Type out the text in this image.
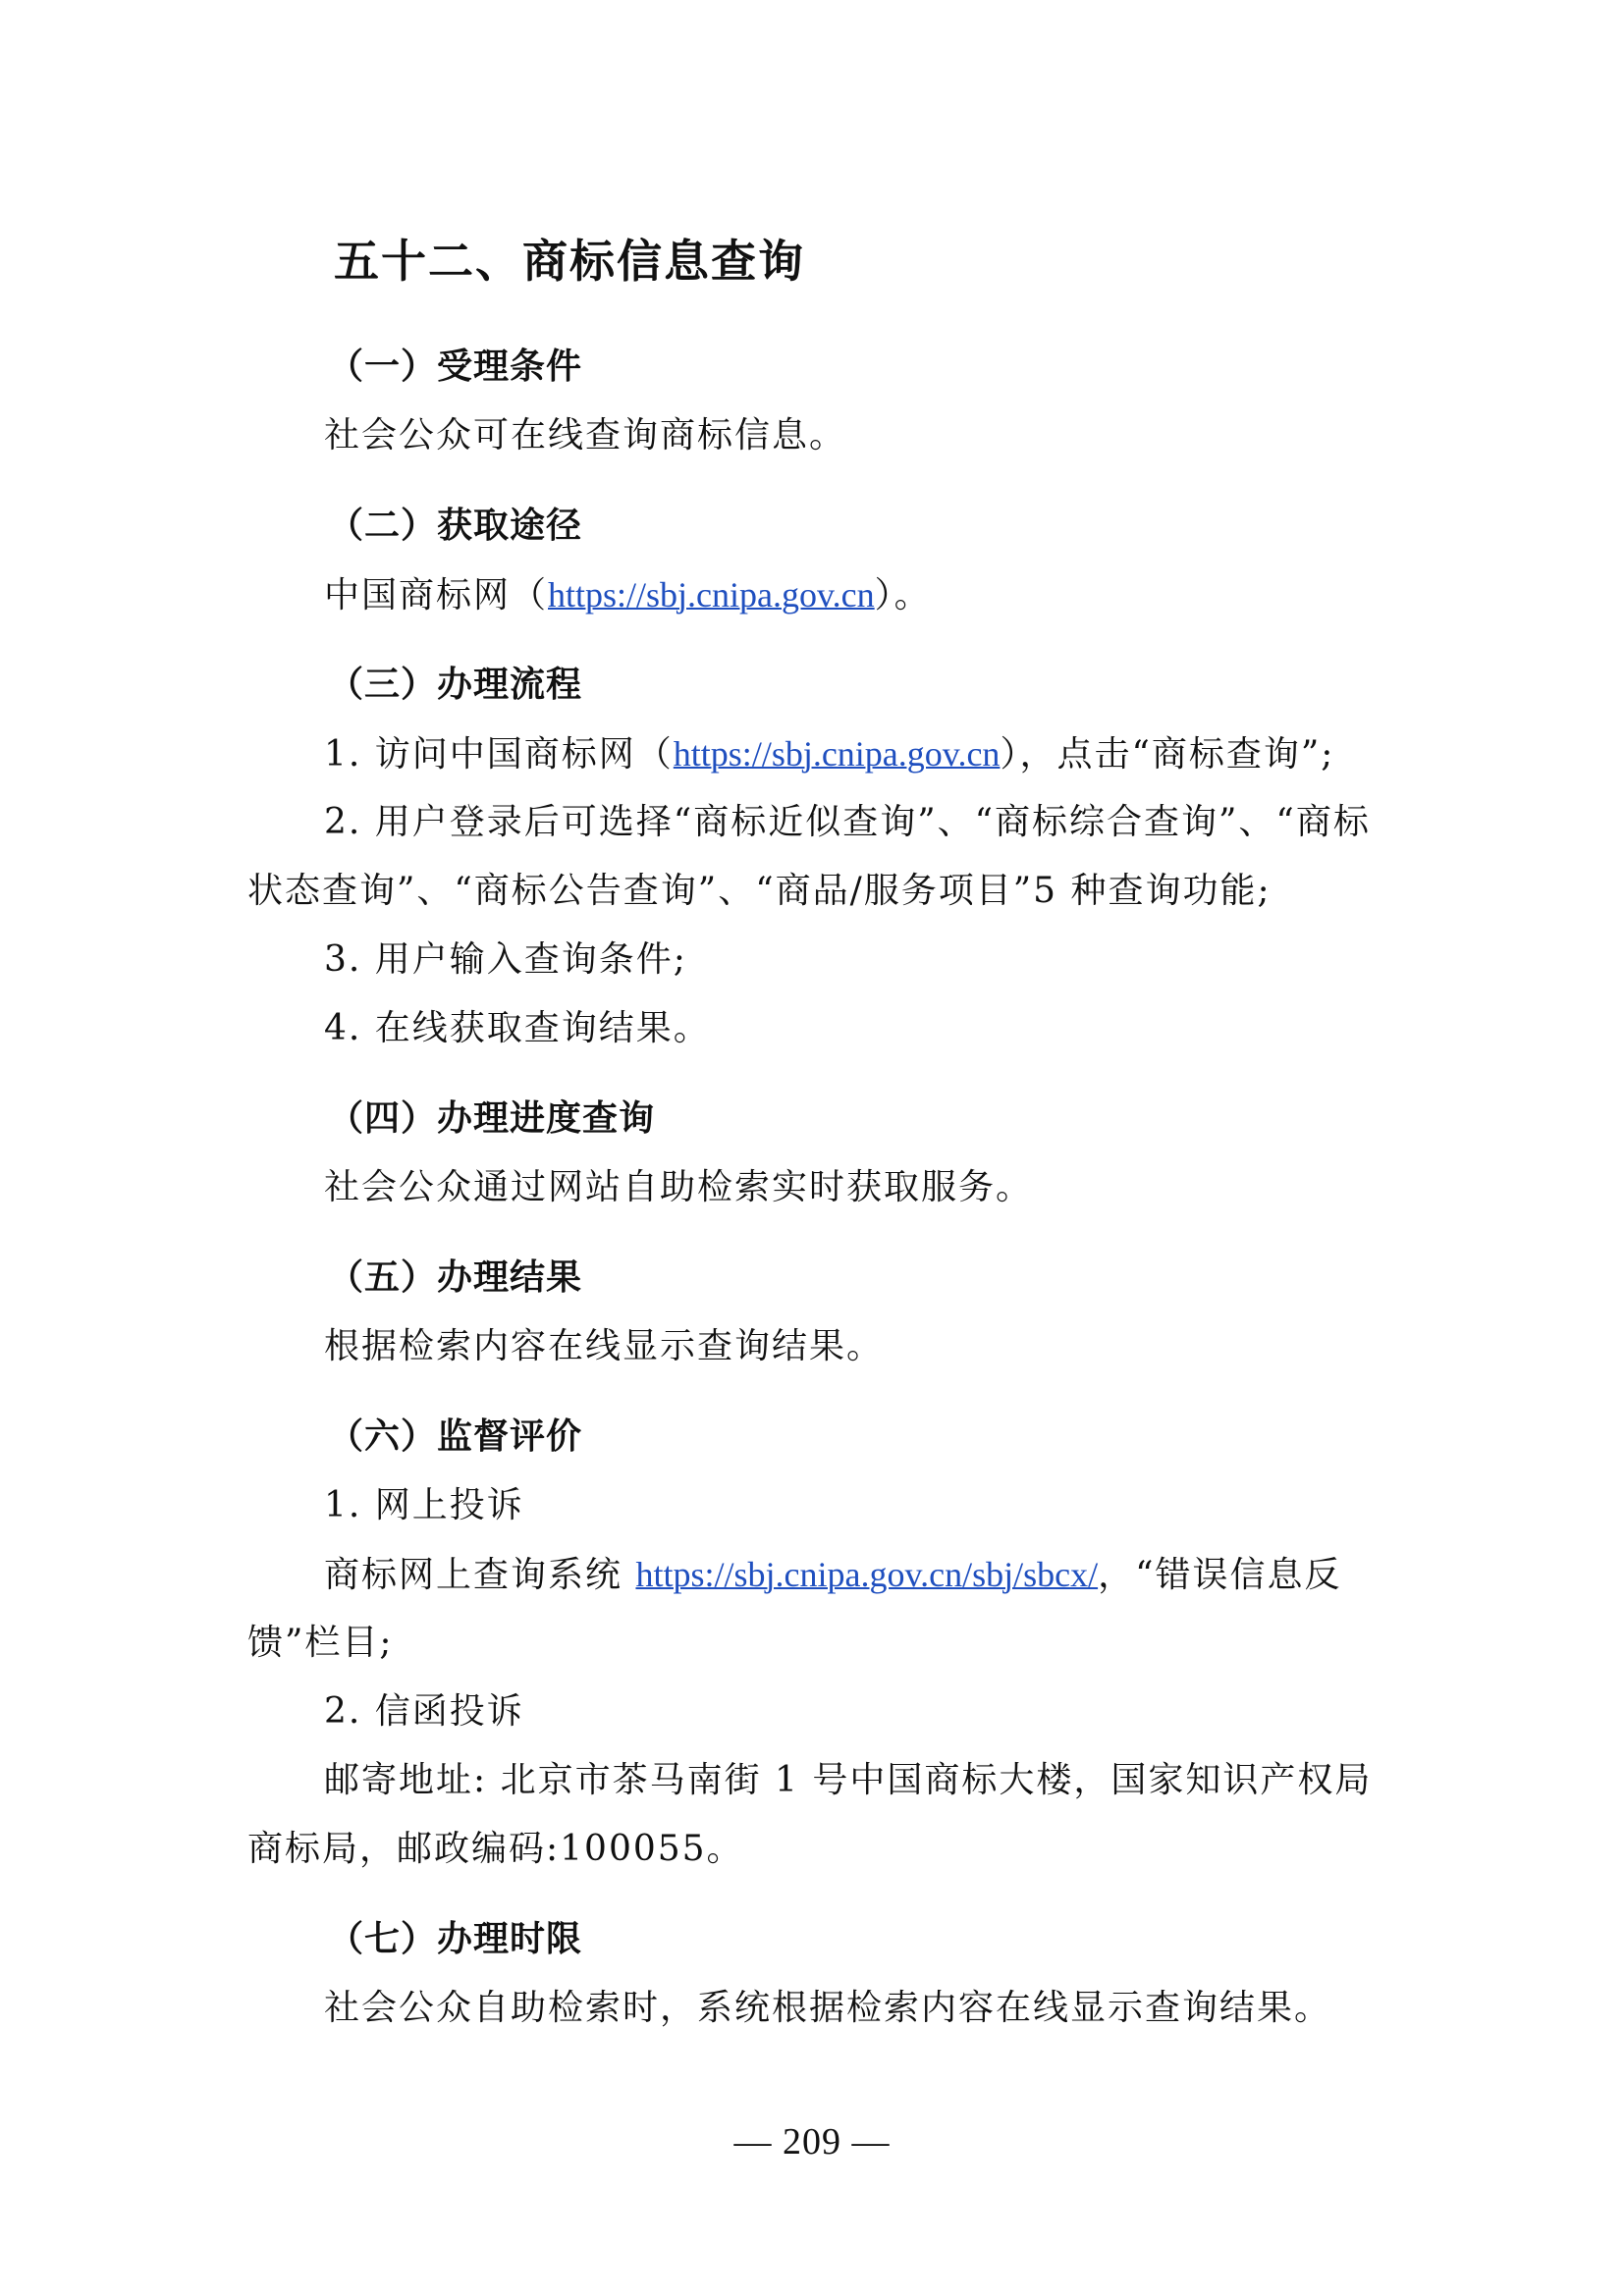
五十二、商标信息查询
（一）受理条件
社会公众可在线查询商标信息。
（二）获取途径
中国商标网（https://sbj.cnipa.gov.cn）。
（三）办理流程
1. 访问中国商标网（https://sbj.cnipa.gov.cn），点击“商标查询”;
2. 用户登录后可选择“商标近似查询”、“商标综合查询”、“商标
状态查询”、“商标公告查询”、“商品/服务项目”5 种查询功能;
3. 用户输入查询条件;
4. 在线获取查询结果。
（四）办理进度查询
社会公众通过网站自助检索实时获取服务。
（五）办理结果
根据检索内容在线显示查询结果。
（六）监督评价
1. 网上投诉
商标网上查询系统 https://sbj.cnipa.gov.cn/sbj/sbcx/，“错误信息反
馈”栏目;
2. 信函投诉
邮寄地址: 北京市茶马南街 1 号中国商标大楼，国家知识产权局
商标局，邮政编码:100055。
（七）办理时限
社会公众自助检索时，系统根据检索内容在线显示查询结果。
— 209 —
